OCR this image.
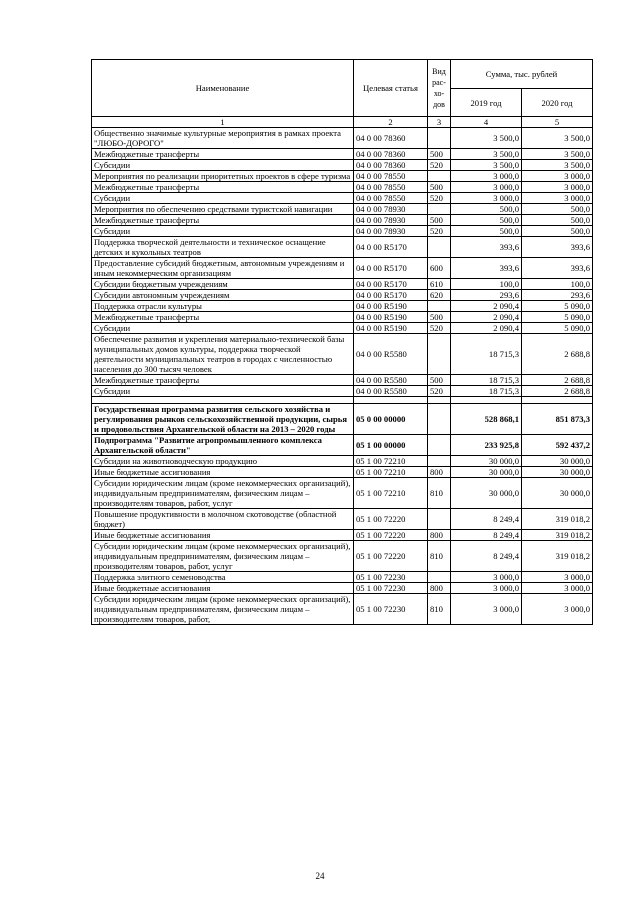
Наименование	Целевая статья	Вид рас-хо-дов	Сумма, тыс. рублей	
			2019 год	2020 год
1	2	3	4	5
Общественно значимые культурные мероприятия в рамках проекта "ЛЮБО-ДОРОГО"	04 0 00 78360		3 500,0	3 500,0
Межбюджетные трансферты	04 0 00 78360	500	3 500,0	3 500,0
Субсидии	04 0 00 78360	520	3 500,0	3 500,0
Мероприятия по реализации приоритетных проектов в сфере туризма	04 0 00 78550		3 000,0	3 000,0
Межбюджетные трансферты	04 0 00 78550	500	3 000,0	3 000,0
Субсидии	04 0 00 78550	520	3 000,0	3 000,0
Мероприятия по обеспечению средствами туристской навигации	04 0 00 78930		500,0	500,0
Межбюджетные трансферты	04 0 00 78930	500	500,0	500,0
Субсидии	04 0 00 78930	520	500,0	500,0
Поддержка творческой деятельности и техническое оснащение детских и кукольных театров	04 0 00 R5170		393,6	393,6
Предоставление субсидий бюджетным, автономным учреждениям и иным некоммерческим организациям	04 0 00 R5170	600	393,6	393,6
Субсидии бюджетным учреждениям	04 0 00 R5170	610	100,0	100,0
Субсидии автономным учреждениям	04 0 00 R5170	620	293,6	293,6
Поддержка отрасли культуры	04 0 00 R5190		2 090,4	5 090,0
Межбюджетные трансферты	04 0 00 R5190	500	2 090,4	5 090,0
Субсидии	04 0 00 R5190	520	2 090,4	5 090,0
Обеспечение развития и укрепления материально-технической базы муниципальных домов культуры, поддержка творческой деятельности муниципальных театров в городах с численностью населения до 300 тысяч человек	04 0 00 R5580		18 715,3	2 688,8
Межбюджетные трансферты	04 0 00 R5580	500	18 715,3	2 688,8
Субсидии	04 0 00 R5580	520	18 715,3	2 688,8

Государственная программа развития сельского хозяйства и регулирования рынков сельскохозяйственной продукции, сырья и продовольствия Архангельской области на 2013 – 2020 годы	05 0 00 00000		528 868,1	851 873,3
Подпрограмма "Развитие агропромышленного комплекса Архангельской области"	05 1 00 00000		233 925,8	592 437,2
Субсидии на животноводческую продукцию	05 1 00 72210		30 000,0	30 000,0
Иные бюджетные ассигнования	05 1 00 72210	800	30 000,0	30 000,0
Субсидии юридическим лицам (кроме некоммерческих организаций), индивидуальным предпринимателям, физическим лицам – производителям товаров, работ, услуг	05 1 00 72210	810	30 000,0	30 000,0
Повышение продуктивности в молочном скотоводстве (областной бюджет)	05 1 00 72220		8 249,4	319 018,2
Иные бюджетные ассигнования	05 1 00 72220	800	8 249,4	319 018,2
Субсидии юридическим лицам (кроме некоммерческих организаций), индивидуальным предпринимателям, физическим лицам – производителям товаров, работ, услуг	05 1 00 72220	810	8 249,4	319 018,2
Поддержка элитного семеноводства	05 1 00 72230		3 000,0	3 000,0
Иные бюджетные ассигнования	05 1 00 72230	800	3 000,0	3 000,0
Субсидии юридическим лицам (кроме некоммерческих организаций), индивидуальным предпринимателям, физическим лицам – производителям товаров, работ,	05 1 00 72230	810	3 000,0	3 000,0
24
